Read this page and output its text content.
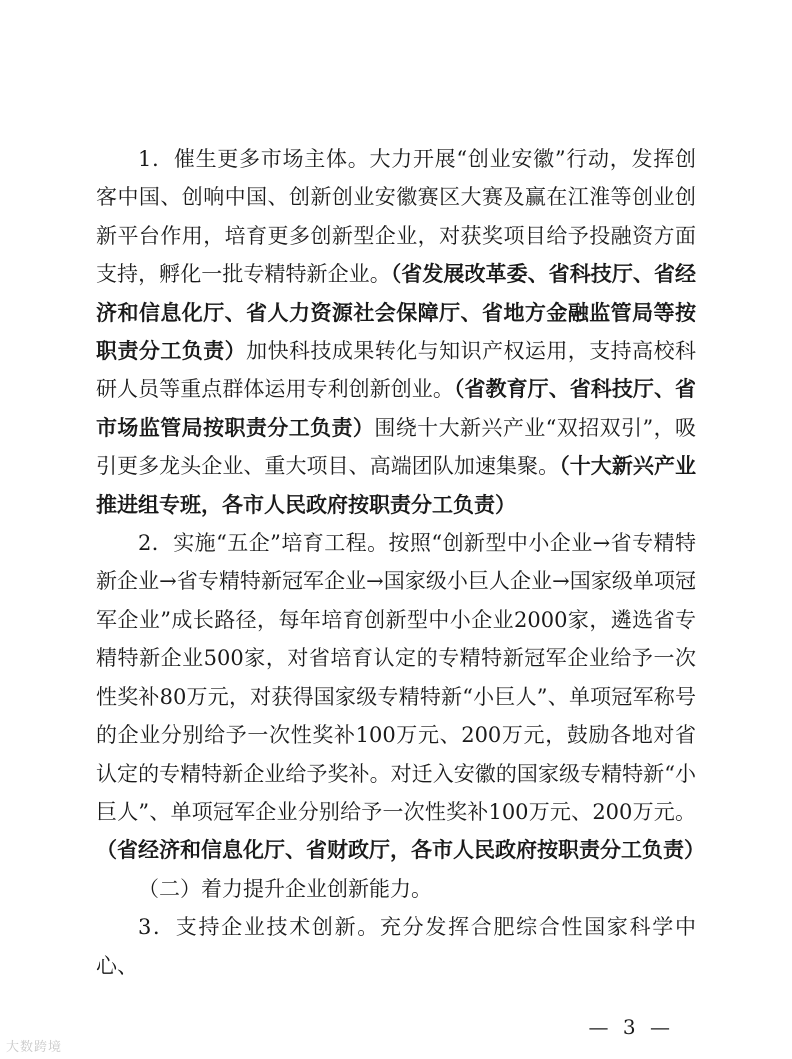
1．催生更多市场主体。大力开展“创业安徽”行动，发挥创客中国、创响中国、创新创业安徽赛区大赛及赢在江淮等创业创新平台作用，培育更多创新型企业，对获奖项目给予投融资方面支持，孵化一批专精特新企业。（省发展改革委、省科技厅、省经济和信息化厅、省人力资源社会保障厅、省地方金融监管局等按职责分工负责）加快科技成果转化与知识产权运用，支持高校科研人员等重点群体运用专利创新创业。（省教育厅、省科技厅、省市场监管局按职责分工负责）围绕十大新兴产业“双招双引”，吸引更多龙头企业、重大项目、高端团队加速集聚。（十大新兴产业推进组专班，各市人民政府按职责分工负责）

2．实施“五企”培育工程。按照“创新型中小企业→省专精特新企业→省专精特新冠军企业→国家级小巨人企业→国家级单项冠军企业”成长路径，每年培育创新型中小企业2000家，遴选省专精特新企业500家，对省培育认定的专精特新冠军企业给予一次性奖补80万元，对获得国家级专精特新“小巨人”、单项冠军称号的企业分别给予一次性奖补100万元、200万元，鼓励各地对省认定的专精特新企业给予奖补。对迁入安徽的国家级专精特新“小巨人”、单项冠军企业分别给予一次性奖补100万元、200万元。（省经济和信息化厅、省财政厅，各市人民政府按职责分工负责）

（二）着力提升企业创新能力。

3．支持企业技术创新。充分发挥合肥综合性国家科学中心、

— 3 —
大数跨境
